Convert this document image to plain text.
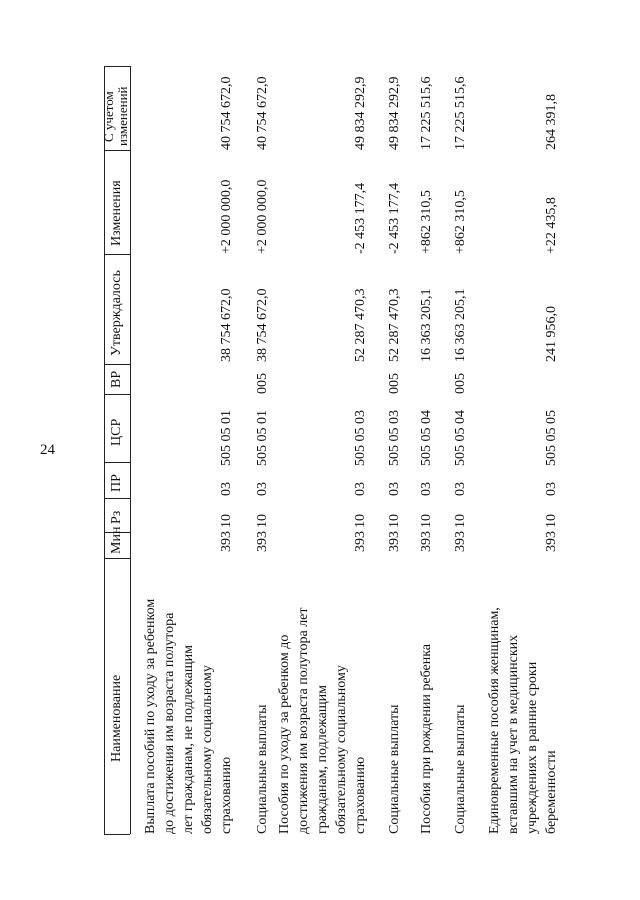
24
Наименование
Мин
Рз
ПР
ЦСР
ВР
Утверждалось
Изменения
С учетом изменений
Выплата пособий по уходу за ребенком до достижения им возраста полутора лет гражданам, не подлежащим обязательному социальному страхованию
393
10
03
505 05 01
38 754 672,0
+2 000 000,0
40 754 672,0
Социальные выплаты
393
10
03
505 05 01
005
38 754 672,0
+2 000 000,0
40 754 672,0
Пособия по уходу за ребенком до достижения им возраста полутора лет гражданам, подлежащим обязательному социальному страхованию
393
10
03
505 05 03
52 287 470,3
-2 453 177,4
49 834 292,9
Социальные выплаты
393
10
03
505 05 03
005
52 287 470,3
-2 453 177,4
49 834 292,9
Пособия при рождении ребенка
393
10
03
505 05 04
16 363 205,1
+862 310,5
17 225 515,6
Социальные выплаты
393
10
03
505 05 04
005
16 363 205,1
+862 310,5
17 225 515,6
Единовременные пособия женщинам, вставшим на учет в медицинских учреждениях в ранние сроки беременности
393
10
03
505 05 05
241 956,0
+22 435,8
264 391,8
